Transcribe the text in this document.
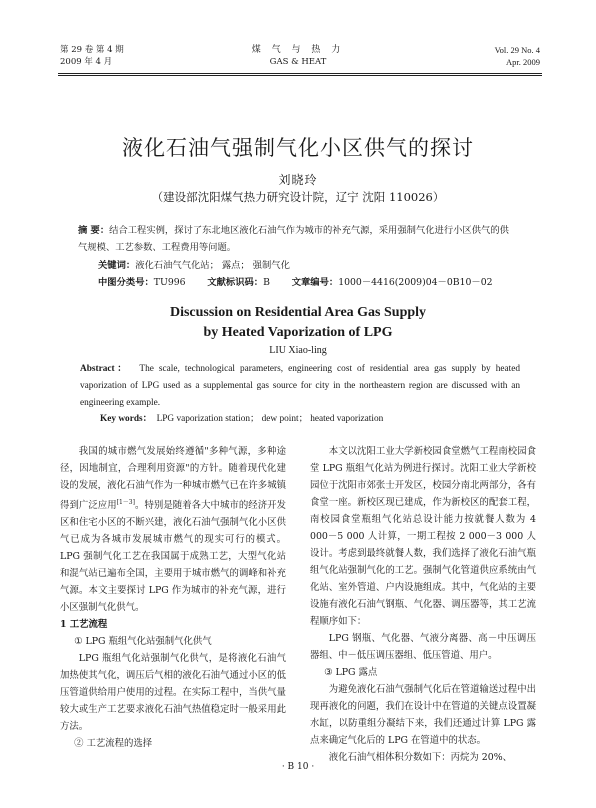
第 29 卷 第 4 期
2009 年 4 月
煤 气 与 热 力
GAS & HEAT
Vol. 29 No. 4
Apr. 2009
液化石油气强制气化小区供气的探讨
刘晓玲
（建设部沈阳煤气热力研究设计院，辽宁 沈阳 110026）
摘 要：结合工程实例，探讨了东北地区液化石油气作为城市的补充气源，采用强制气化进行小区供气的供气规模、工艺参数、工程费用等问题。
关键词：液化石油气气化站； 露点； 强制气化
中图分类号：TU996 文献标识码：B 文章编号：1000－4416(2009)04－0B10－02
Discussion on Residential Area Gas Supply
by Heated Vaporization of LPG
LIU Xiao-ling
Abstract： The scale, technological parameters, engineering cost of residential area gas supply by heated vaporization of LPG used as a supplemental gas source for city in the northeastern region are discussed with an engineering example.
Key words： LPG vaporization station； dew point； heated vaporization

我国的城市燃气发展始终遵循"多种气源，多种途径，因地制宜，合理利用资源"的方针。随着现代化建设的发展，液化石油气作为一种城市燃气已在许多城镇得到广泛应用[1－3]。特别是随着各大中城市的经济开发区和住宅小区的不断兴建，液化石油气强制气化小区供气已成为各城市发展城市燃气的现实可行的模式。LPG 强制气化工艺在我国属于成熟工艺，大型气化站和混气站已遍布全国，主要用于城市燃气的调峰和补充气源。本文主要探讨 LPG 作为城市的补充气源，进行小区强制气化供气。

1 工艺流程

① LPG 瓶组气化站强制气化供气

LPG 瓶组气化站强制气化供气，是将液化石油气加热使其气化，调压后气相的液化石油气通过小区的低压管道供给用户使用的过程。在实际工程中，当供气量较大或生产工艺要求液化石油气热值稳定时一般采用此方法。

② 工艺流程的选择

本文以沈阳工业大学新校园食堂燃气工程南校园食堂 LPG 瓶组气化站为例进行探讨。沈阳工业大学新校园位于沈阳市郊张士开发区，校园分南北两部分，各有食堂一座。新校区现已建成，作为新校区的配套工程，南校园食堂瓶组气化站总设计能力按就餐人数为 4 000－5 000 人计算，一期工程按 2 000－3 000 人设计。考虑到最终就餐人数，我们选择了液化石油气瓶组气化站强制气化的工艺。强制气化管道供应系统由气化站、室外管道、户内设施组成。其中，气化站的主要设施有液化石油气钢瓶、气化器、调压器等，其工艺流程顺序如下：

LPG 钢瓶、气化器、气液分离器、高－中压调压器组、中－低压调压器组、低压管道、用户。

③ LPG 露点

为避免液化石油气强制气化后在管道输送过程中出现再液化的问题，我们在设计中在管道的关键点设置凝水缸，以防重组分凝结下来，我们还通过计算 LPG 露点来确定气化后的 LPG 在管道中的状态。

液化石油气相体积分数如下：丙烷为 20%、

· B 10 ·
